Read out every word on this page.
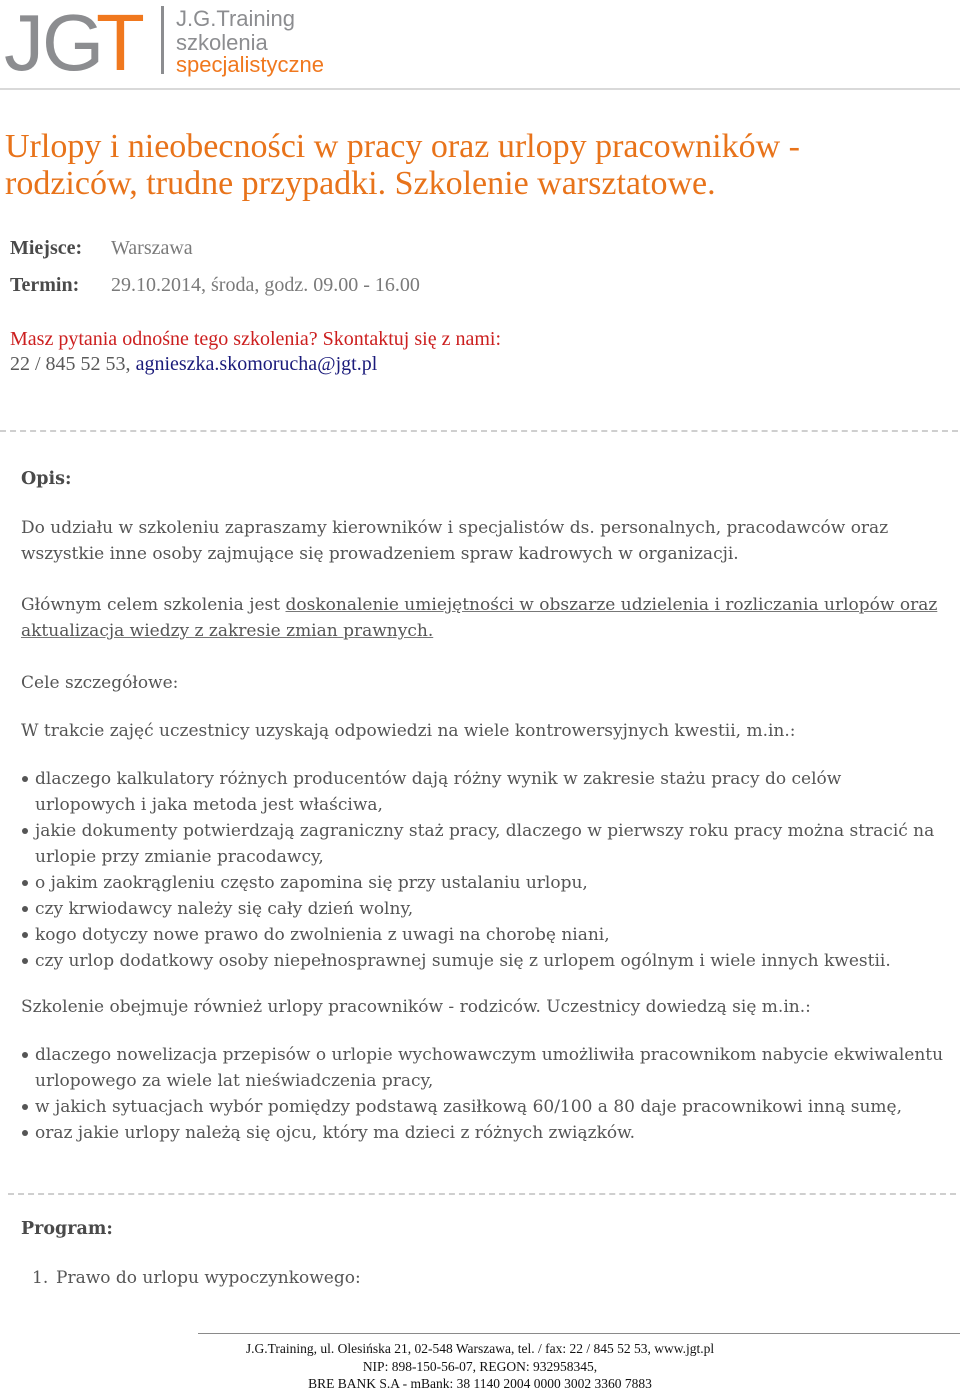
J G
T J.G.Training
szkolenia
specjalistyczne
Urlopy i nieobecności w pracy oraz urlopy pracowników - rodziców, trudne przypadki. Szkolenie warsztatowe.
Miejsce: Warszawa
Termin: 29.10.2014, środa, godz. 09.00 - 16.00
Masz pytania odnośne tego szkolenia? Skontaktuj się z nami:
22 / 845 52 53, agnieszka.skomorucha@jgt.pl
Opis:

Do udziału w szkoleniu zapraszamy kierowników i specjalistów ds. personalnych, pracodawców oraz wszystkie inne osoby zajmujące się prowadzeniem spraw kadrowych w organizacji.

Głównym celem szkolenia jest doskonalenie umiejętności w obszarze udzielenia i rozliczania urlopów oraz aktualizacja wiedzy z zakresie zmian prawnych.

Cele szczegółowe:

W trakcie zajęć uczestnicy uzyskają odpowiedzi na wiele kontrowersyjnych kwestii, m.in.:

dlaczego kalkulatory różnych producentów dają różny wynik w zakresie stażu pracy do celów urlopowych i jaka metoda jest właściwa,
jakie dokumenty potwierdzają zagraniczny staż pracy, dlaczego w pierwszy roku pracy można stracić na urlopie przy zmianie pracodawcy,
o jakim zaokrągleniu często zapomina się przy ustalaniu urlopu,
czy krwiodawcy należy się cały dzień wolny,
kogo dotyczy nowe prawo do zwolnienia z uwagi na chorobę niani,
czy urlop dodatkowy osoby niepełnosprawnej sumuje się z urlopem ogólnym i wiele innych kwestii.

Szkolenie obejmuje również urlopy pracowników - rodziców. Uczestnicy dowiedzą się m.in.:

dlaczego nowelizacja przepisów o urlopie wychowawczym umożliwiła pracownikom nabycie ekwiwalentu urlopowego za wiele lat nieświadczenia pracy,
w jakich sytuacjach wybór pomiędzy podstawą zasiłkową 60/100 a 80 daje pracownikowi inną sumę,
oraz jakie urlopy należą się ojcu, który ma dzieci z różnych związków.
Program:
1. Prawo do urlopu wypoczynkowego:
J.G.Training, ul. Olesińska 21, 02-548 Warszawa, tel. / fax: 22 / 845 52 53, www.jgt.pl
NIP: 898-150-56-07, REGON: 932958345,
BRE BANK S.A - mBank: 38 1140 2004 0000 3002 3360 7883
